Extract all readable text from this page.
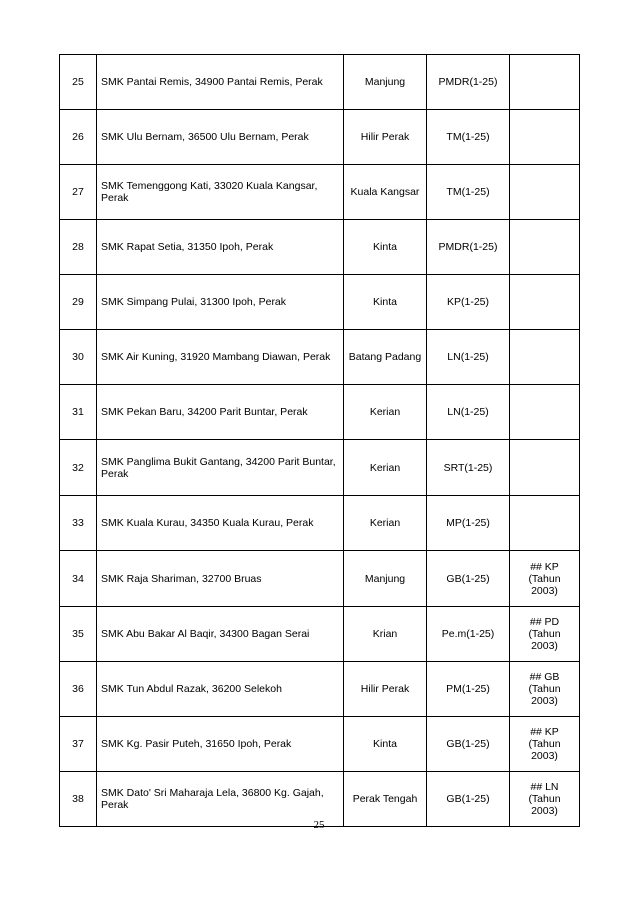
25	SMK Pantai Remis, 34900 Pantai Remis, Perak	Manjung	PMDR(1-25)	
26	SMK Ulu Bernam, 36500 Ulu Bernam, Perak	Hilir Perak	TM(1-25)	
27	SMK Temenggong Kati, 33020 Kuala Kangsar, Perak	Kuala Kangsar	TM(1-25)	
28	SMK Rapat Setia, 31350 Ipoh, Perak	Kinta	PMDR(1-25)	
29	SMK Simpang Pulai, 31300 Ipoh, Perak	Kinta	KP(1-25)	
30	SMK Air Kuning, 31920 Mambang Diawan, Perak	Batang Padang	LN(1-25)	
31	SMK Pekan Baru, 34200 Parit Buntar, Perak	Kerian	LN(1-25)	
32	SMK Panglima Bukit Gantang, 34200 Parit Buntar, Perak	Kerian	SRT(1-25)	
33	SMK Kuala Kurau, 34350 Kuala Kurau, Perak	Kerian	MP(1-25)	
34	SMK Raja Shariman, 32700 Bruas	Manjung	GB(1-25)	## KP
(Tahun
2003)
35	SMK Abu Bakar Al Baqir, 34300 Bagan Serai	Krian	Pe.m(1-25)	## PD
(Tahun
2003)
36	SMK Tun Abdul Razak, 36200 Selekoh	Hilir Perak	PM(1-25)	## GB
(Tahun
2003)
37	SMK Kg. Pasir Puteh, 31650 Ipoh, Perak	Kinta	GB(1-25)	## KP
(Tahun
2003)
38	SMK Dato' Sri Maharaja Lela, 36800 Kg. Gajah, Perak	Perak Tengah	GB(1-25)	## LN
(Tahun
2003)
25
